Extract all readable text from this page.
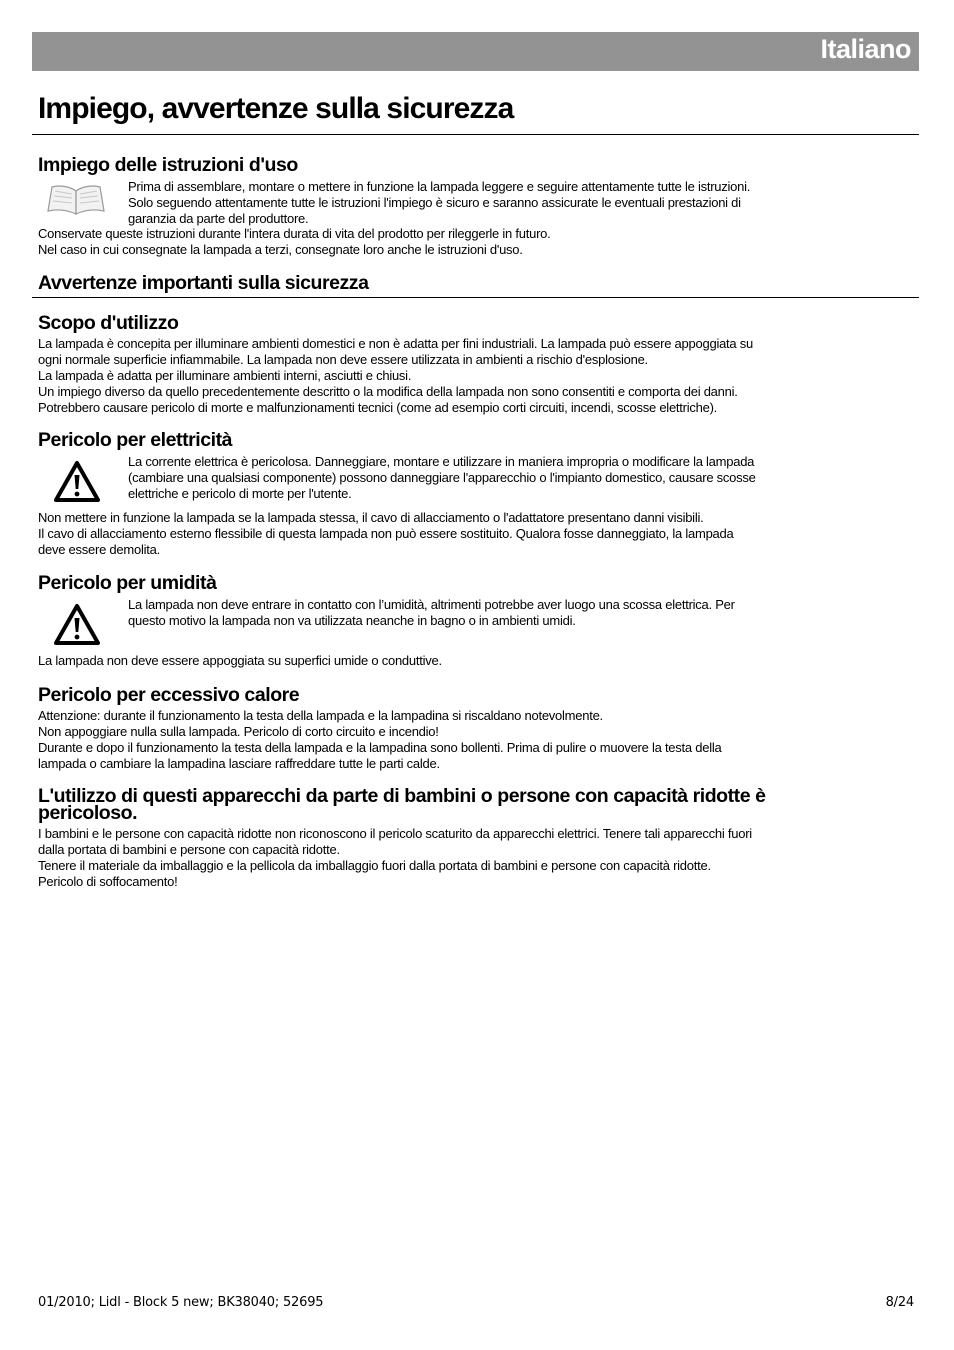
Italiano
Impiego, avvertenze sulla sicurezza
Impiego delle istruzioni d'uso

Prima di assemblare, montare o mettere in funzione la lampada leggere e seguire attentamente tutte le istruzioni.
Solo seguendo attentamente tutte le istruzioni l'impiego è sicuro e saranno assicurate le eventuali prestazioni di
garanzia da parte del produttore.

Conservate queste istruzioni durante l'intera durata di vita del prodotto per rileggerle in futuro.
Nel caso in cui consegnate la lampada a terzi, consegnate loro anche le istruzioni d'uso.

Avvertenze importanti sulla sicurezza
Scopo d'utilizzo

La lampada è concepita per illuminare ambienti domestici e non è adatta per fini industriali. La lampada può essere appoggiata su
ogni normale superficie infiammabile. La lampada non deve essere utilizzata in ambienti a rischio d'esplosione.
La lampada è adatta per illuminare ambienti interni, asciutti e chiusi.
Un impiego diverso da quello precedentemente descritto o la modifica della lampada non sono consentiti e comporta dei danni.
Potrebbero causare pericolo di morte e malfunzionamenti tecnici (come ad esempio corti circuiti, incendi, scosse elettriche).

Pericolo per elettricità

La corrente elettrica è pericolosa. Danneggiare, montare e utilizzare in maniera impropria o modificare la lampada
(cambiare una qualsiasi componente) possono danneggiare l'apparecchio o l'impianto domestico, causare scosse
elettriche e pericolo di morte per l'utente.

Non mettere in funzione la lampada se la lampada stessa, il cavo di allacciamento o l'adattatore presentano danni visibili.
Il cavo di allacciamento esterno flessibile di questa lampada non può essere sostituito. Qualora fosse danneggiato, la lampada
deve essere demolita.

Pericolo per umidità

La lampada non deve entrare in contatto con l’umidità, altrimenti potrebbe aver luogo una scossa elettrica. Per
questo motivo la lampada non va utilizzata neanche in bagno o in ambienti umidi.

La lampada non deve essere appoggiata su superfici umide o conduttive.

Pericolo per eccessivo calore

Attenzione: durante il funzionamento la testa della lampada e la lampadina si riscaldano notevolmente.
Non appoggiare nulla sulla lampada. Pericolo di corto circuito e incendio!
Durante e dopo il funzionamento la testa della lampada e la lampadina sono bollenti. Prima di pulire o muovere la testa della
lampada o cambiare la lampadina lasciare raffreddare tutte le parti calde.

L'utilizzo di questi apparecchi da parte di bambini o persone con capacità ridotte è pericoloso.

I bambini e le persone con capacità ridotte non riconoscono il pericolo scaturito da apparecchi elettrici. Tenere tali apparecchi fuori
dalla portata di bambini e persone con capacità ridotte.
Tenere il materiale da imballaggio e la pellicola da imballaggio fuori dalla portata di bambini e persone con capacità ridotte.
Pericolo di soffocamento!

01/2010; Lidl - Block 5 new; BK38040; 52695	8/24
